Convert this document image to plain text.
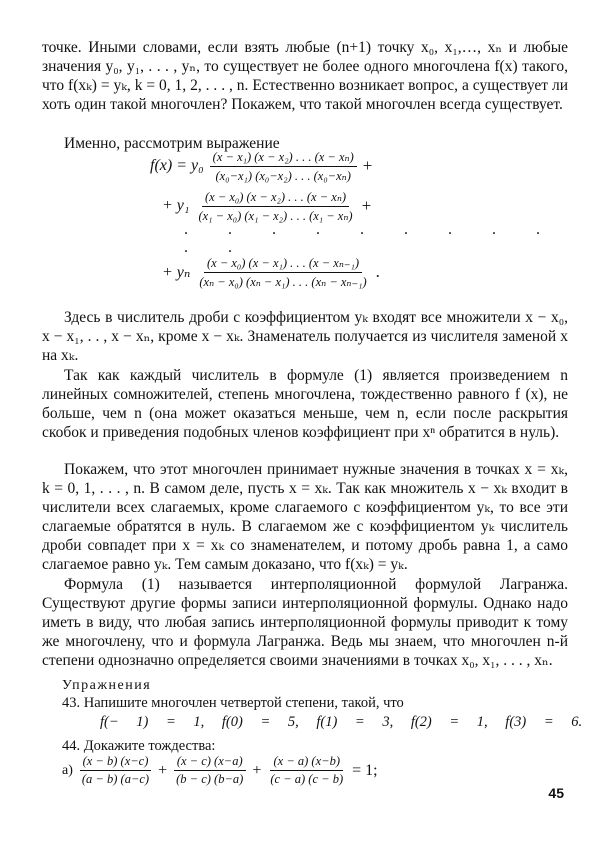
точке. Иными словами, если взять любые (n+1) точку x₀, x₁,…, xₙ и любые значения y₀, y₁, . . . , yₙ, то существует не более одного многочлена f(x) такого, что f(xₖ) = yₖ, k = 0, 1, 2, . . . , n. Естественно возникает вопрос, а существует ли хоть один такой многочлен? Покажем, что такой многочлен всегда существует.

Именно, рассмотрим выражение

$f(x) = y_0 \frac{\text{(x − x₁) (x − x₂) . . . (x − xₙ)}}{\text{(x₀−x₁) (x₀−x₂) . . . (x₀−xₙ)}}$ +
+ $y_1 \frac{\text{(x − x₀) (x − x₂) . . . (x − xₙ)}}{\text{(x₁ − x₀) (x₁ − x₂) . . . (x₁ − xₙ)}}$ +
. . . . . . . . . . .
+ yₙ $\frac{\text{(x − x₀) (x − x₁) . . . (x − xₙ₋₁)}}{\text{(xₙ − x₀) (xₙ − x₁) . . . (xₙ − xₙ₋₁)}}$ .

Здесь в числитель дроби с коэффициентом yₖ входят все множители x − x₀, x − x₁, . . , x − xₙ, кроме x − xₖ. Знаменатель получается из числителя заменой x на xₖ.

Так как каждый числитель в формуле (1) является произведением n линейных сомножителей, степень многочлена, тождественно равного f (x), не больше, чем n (она может оказаться меньше, чем n, если после раскрытия скобок и приведения подобных членов коэффициент при xⁿ обратится в нуль).

Покажем, что этот многочлен принимает нужные значения в точках x = xₖ, k = 0, 1, . . . , n. В самом деле, пусть x = xₖ. Так как множитель x − xₖ входит в числители всех слагаемых, кроме слагаемого с коэффициентом yₖ, то все эти слагаемые обратятся в нуль. В слагаемом же с коэффициентом yₖ числитель дроби совпадет при x = xₖ со знаменателем, и потому дробь равна 1, а само слагаемое равно yₖ. Тем самым доказано, что f(xₖ) = yₖ.

Формула (1) называется интерполяционной формулой Лагранжа. Существуют другие формы записи интерполяционной формулы. Однако надо иметь в виду, что любая запись интерполяционной формулы приводит к тому же многочлену, что и формула Лагранжа. Ведь мы знаем, что многочлен n-й степени однозначно определяется своими значениями в точках x₀, x₁, . . . , xₙ.

Упражнения
43. Напишите многочлен четвертой степени, такой, что
f(− 1) = 1, f(0) = 5, f(1) = 3, f(2) = 1, f(3) = 6.
44. Докажите тождества:
$а) \frac{(x - b) (x-c)}{(a - b) (a-c)} + \frac{(x - c) (x-a)}{(b - c) (b-a)} + \frac{(x - a) (x-b)}{(c - a) (c - b)} = 1$;
45
